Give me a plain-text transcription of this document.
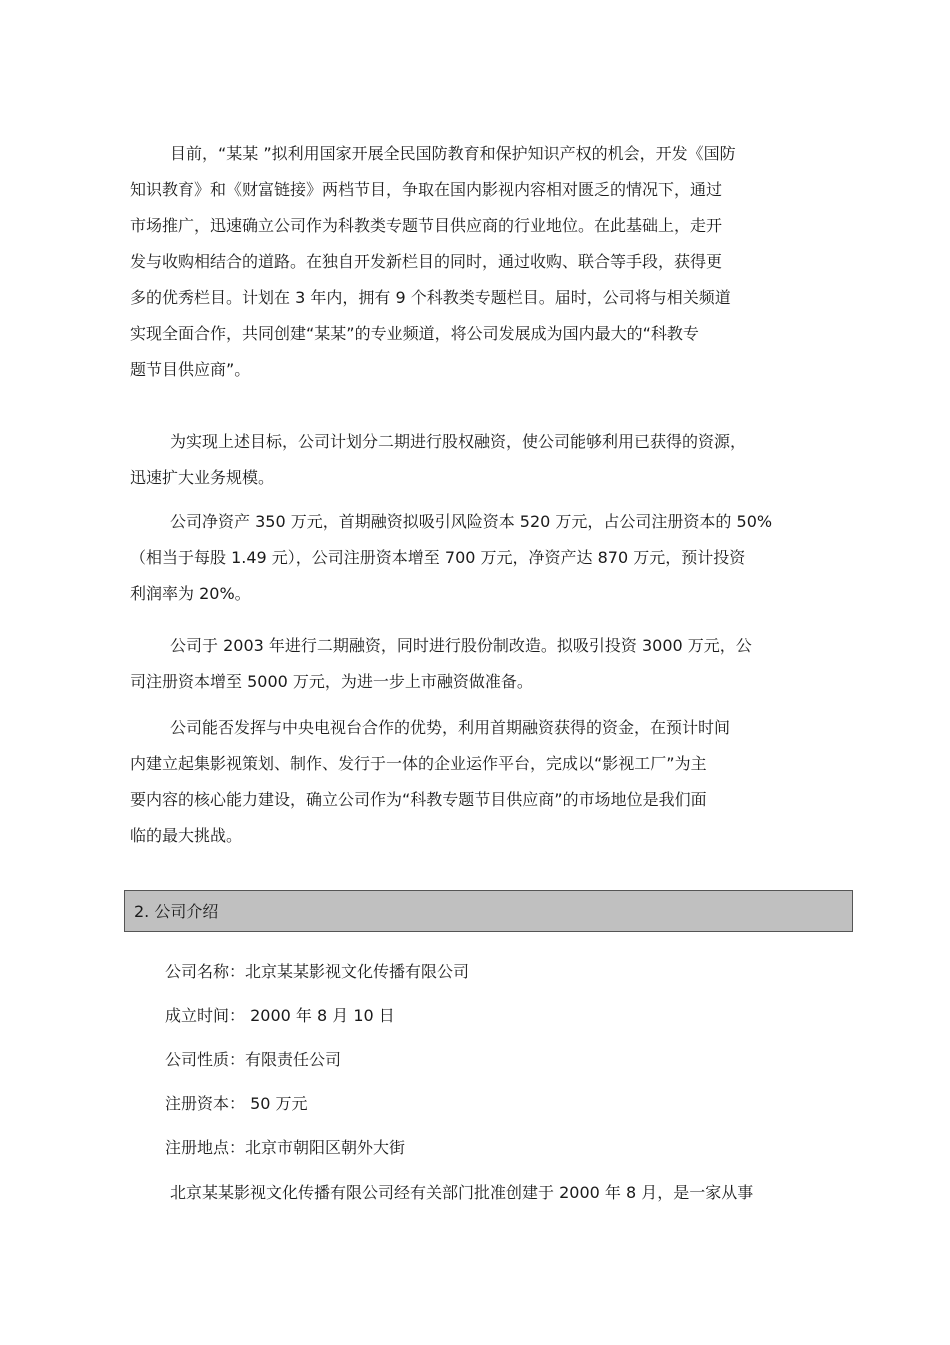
目前，“某某 ”拟利用国家开展全民国防教育和保护知识产权的机会，开发《国防
知识教育》和《财富链接》两档节目，争取在国内影视内容相对匮乏的情况下，通过
市场推广，迅速确立公司作为科教类专题节目供应商的行业地位。在此基础上，走开
发与收购相结合的道路。在独自开发新栏目的同时，通过收购、联合等手段，获得更
多的优秀栏目。计划在 3 年内，拥有 9 个科教类专题栏目。届时，公司将与相关频道
实现全面合作，共同创建“某某”的专业频道，将公司发展成为国内最大的“科教专
题节目供应商”。
为实现上述目标，公司计划分二期进行股权融资，使公司能够利用已获得的资源，
迅速扩大业务规模。
公司净资产 350 万元，首期融资拟吸引风险资本 520 万元，占公司注册资本的 50%
（相当于每股 1.49 元），公司注册资本增至 700 万元，净资产达 870 万元，预计投资
利润率为 20%。
公司于 2003 年进行二期融资，同时进行股份制改造。拟吸引投资 3000 万元，公
司注册资本增至 5000 万元，为进一步上市融资做准备。
公司能否发挥与中央电视台合作的优势，利用首期融资获得的资金，在预计时间
内建立起集影视策划、制作、发行于一体的企业运作平台，完成以“影视工厂”为主
要内容的核心能力建设，确立公司作为“科教专题节目供应商”的市场地位是我们面
临的最大挑战。
2. 公司介绍
公司名称：北京某某影视文化传播有限公司
成立时间： 2000 年 8 月 10 日
公司性质：有限责任公司
注册资本： 50 万元
注册地点：北京市朝阳区朝外大街
北京某某影视文化传播有限公司经有关部门批准创建于 2000 年 8 月，是一家从事
